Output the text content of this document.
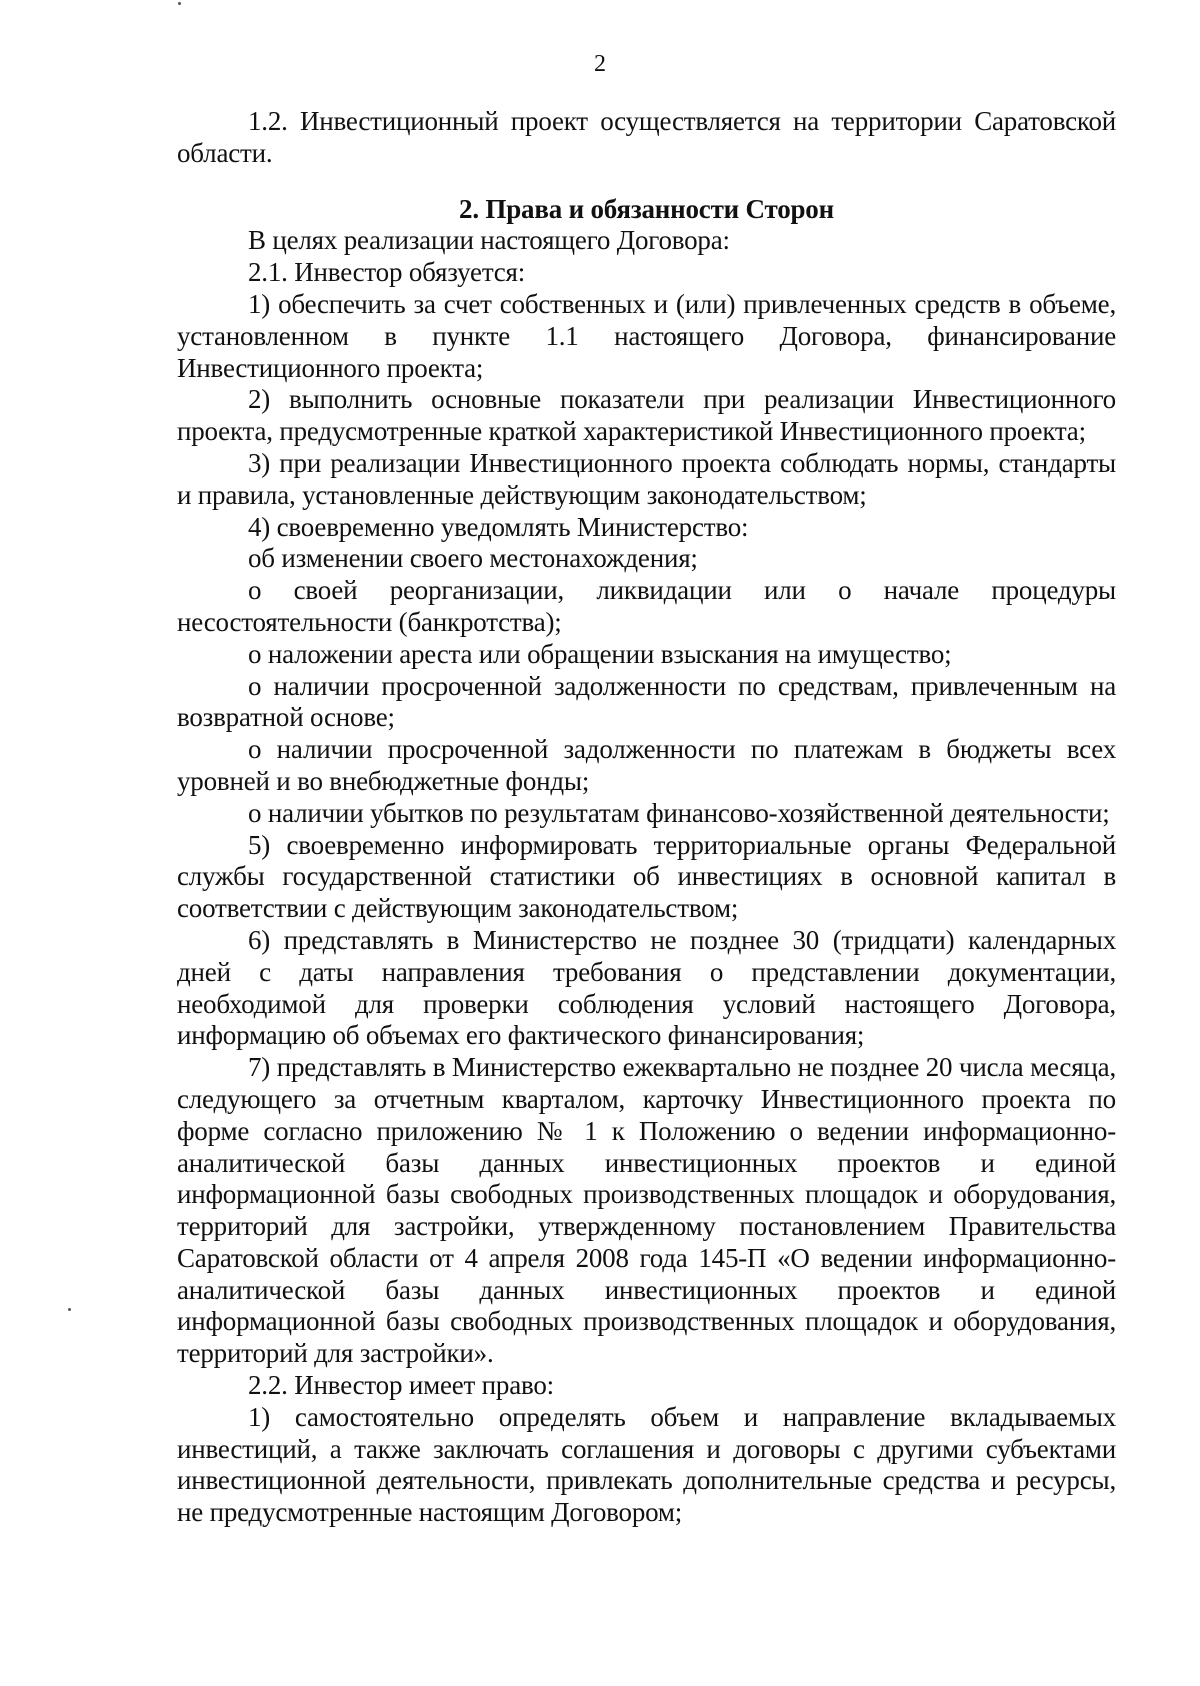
2

1.2. Инвестиционный проект осуществляется на территории Саратовской области.

2. Права и обязанности Сторон

В целях реализации настоящего Договора:

2.1. Инвестор обязуется:

1) обеспечить за счет собственных и (или) привлеченных средств в объеме, установленном в пункте 1.1 настоящего Договора, финансирование Инвестиционного проекта;

2) выполнить основные показатели при реализации Инвестиционного проекта, предусмотренные краткой характеристикой Инвестиционного проекта;

3) при реализации Инвестиционного проекта соблюдать нормы, стандарты и правила, установленные действующим законодательством;

4) своевременно уведомлять Министерство:

об изменении своего местонахождения;

о своей реорганизации, ликвидации или о начале процедуры несостоятельности (банкротства);

о наложении ареста или обращении взыскания на имущество;

о наличии просроченной задолженности по средствам, привлеченным на возвратной основе;

о наличии просроченной задолженности по платежам в бюджеты всех уровней и во внебюджетные фонды;

о наличии убытков по результатам финансово-хозяйственной деятельности;

5) своевременно информировать территориальные органы Федеральной службы государственной статистики об инвестициях в основной капитал в соответствии с действующим законодательством;

6) представлять в Министерство не позднее 30 (тридцати) календарных дней с даты направления требования о представлении документации, необходимой для проверки соблюдения условий настоящего Договора, информацию об объемах его фактического финансирования;

7) представлять в Министерство ежеквартально не позднее 20 числа месяца, следующего за отчетным кварталом, карточку Инвестиционного проекта по форме согласно приложению № 1 к Положению о ведении информационно-аналитической базы данных инвестиционных проектов и единой информационной базы свободных производственных площадок и оборудования, территорий для застройки, утвержденному постановлением Правительства Саратовской области от 4 апреля 2008 года 145-П «О ведении информационно-аналитической базы данных инвестиционных проектов и единой информационной базы свободных производственных площадок и оборудования, территорий для застройки».

2.2. Инвестор имеет право:

1) самостоятельно определять объем и направление вкладываемых инвестиций, а также заключать соглашения и договоры с другими субъектами инвестиционной деятельности, привлекать дополнительные средства и ресурсы, не предусмотренные настоящим Договором;
